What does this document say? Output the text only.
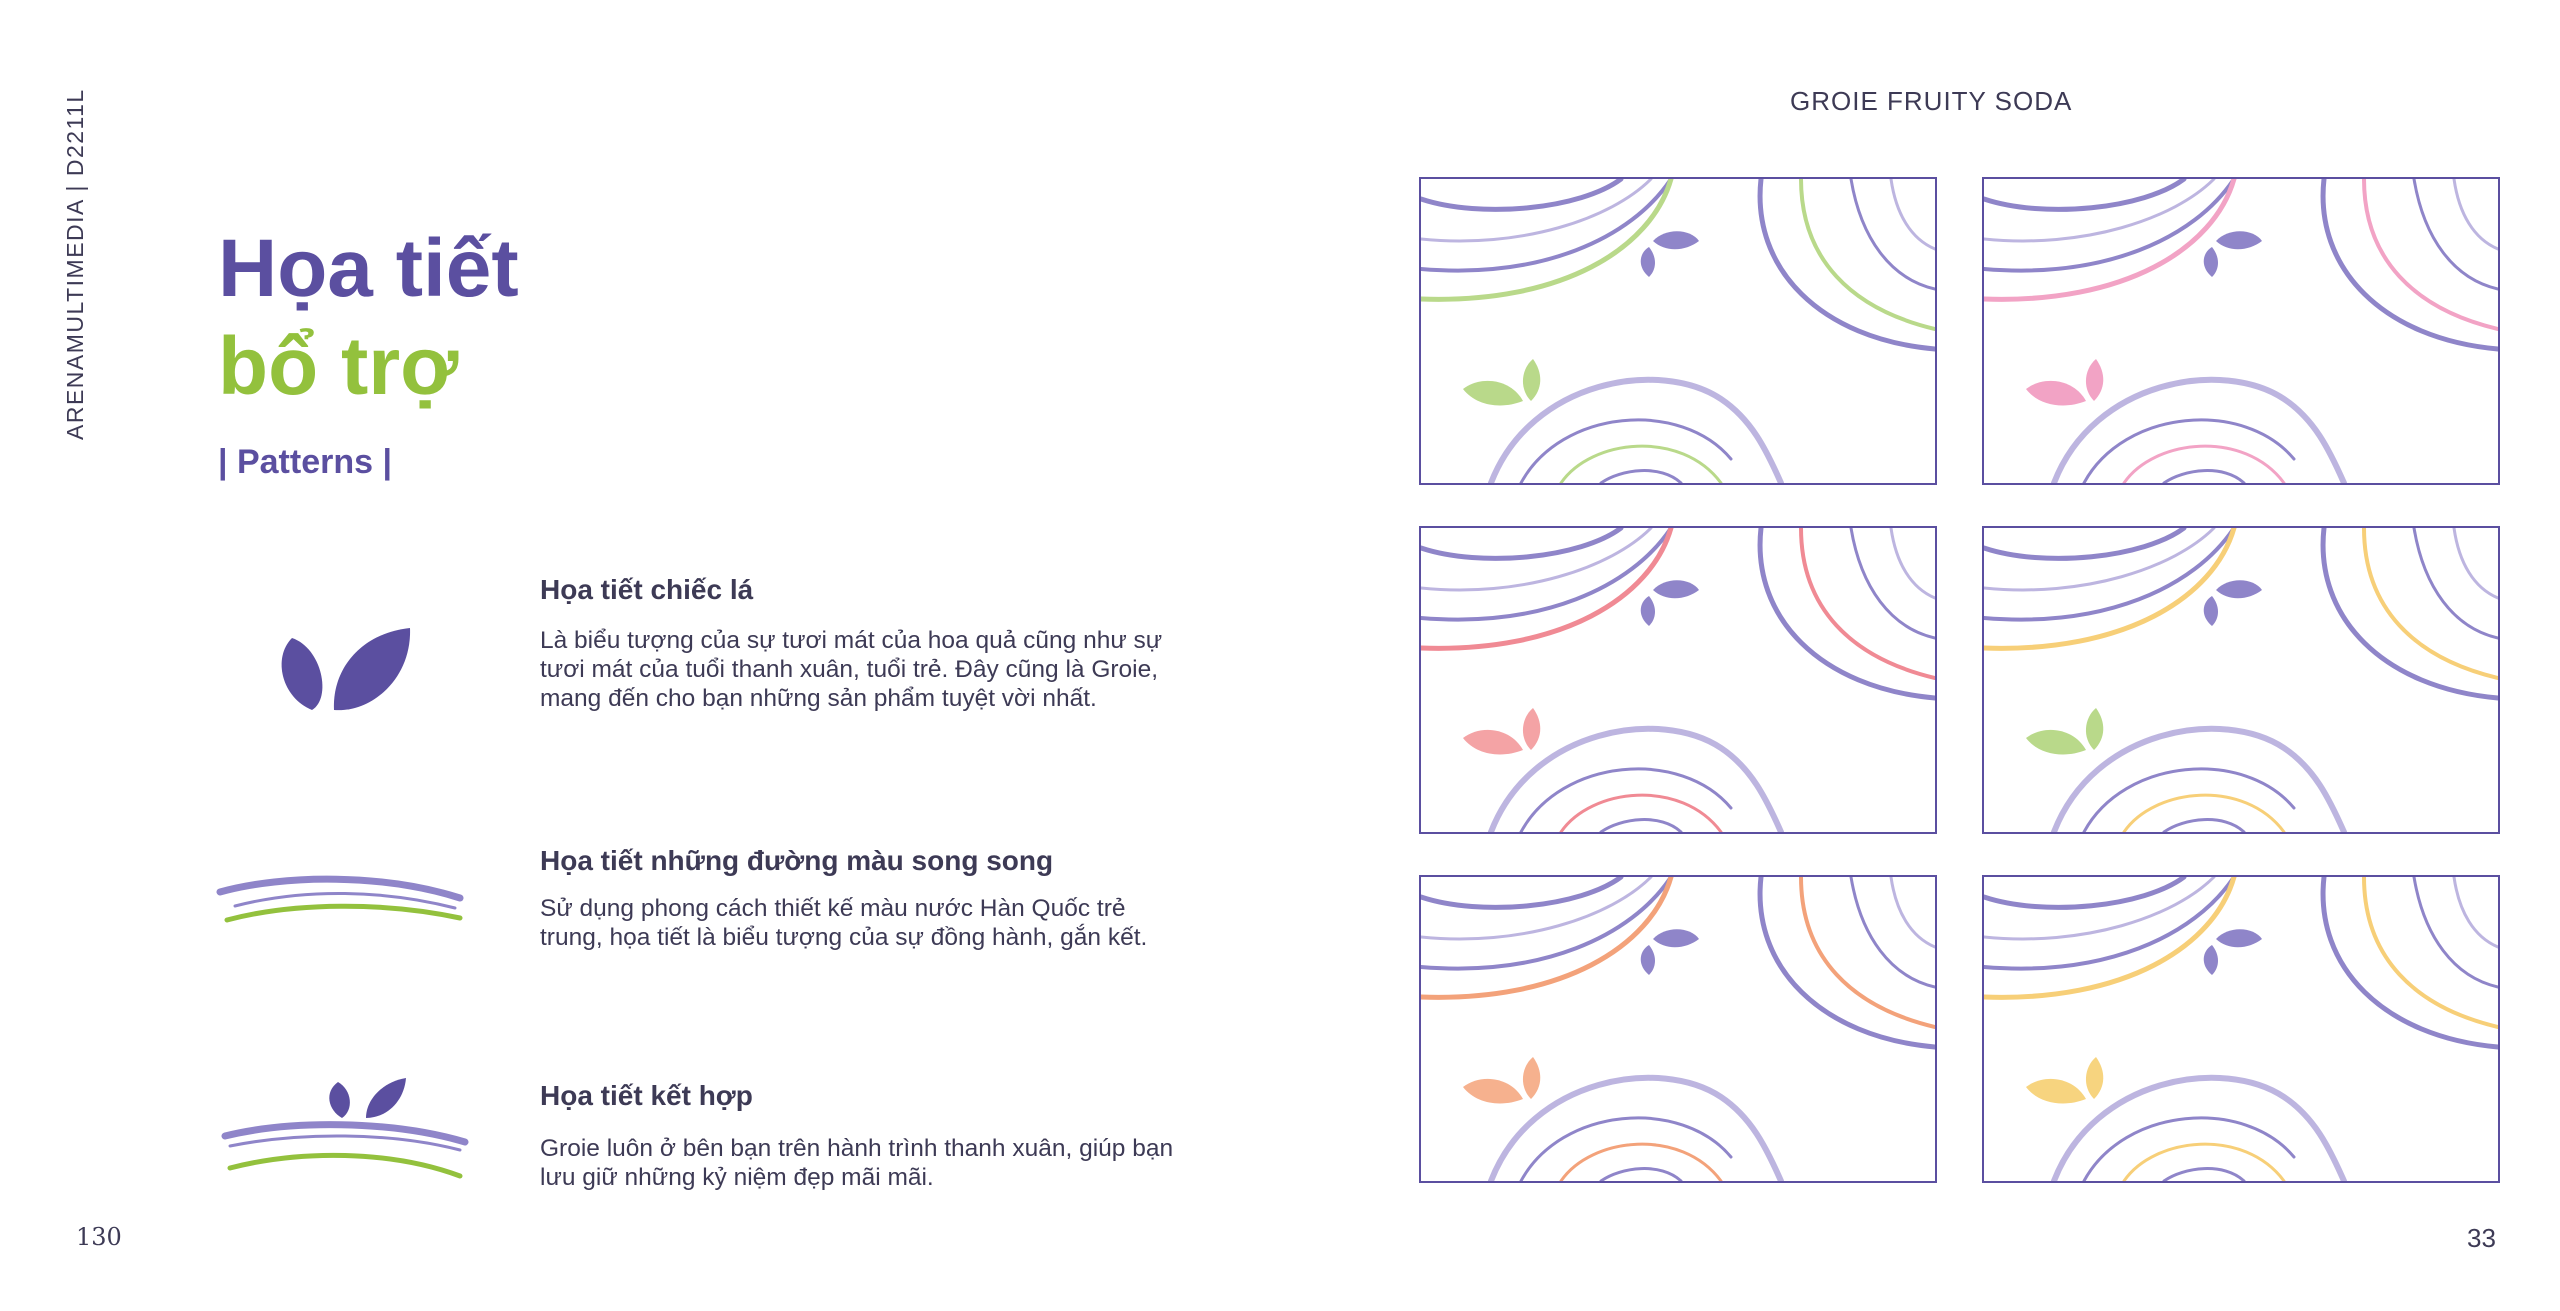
ARENAMULTIMEDIA | D2211L
130	33
Họa tiết
bổ trợ
| Patterns |
GROIE FRUITY SODA
Họa tiết chiếc lá

Là biểu tượng của sự tươi mát của hoa quả cũng như sự tươi mát của tuổi thanh xuân, tuổi trẻ. Đây cũng là Groie, mang đến cho bạn những sản phẩm tuyệt vời nhất.

Họa tiết những đường màu song song

Sử dụng phong cách thiết kế màu nước Hàn Quốc trẻ trung, họa tiết là biểu tượng của sự đồng hành, gắn kết.

Họa tiết kết hợp

Groie luôn ở bên bạn trên hành trình thanh xuân, giúp bạn lưu giữ những kỷ niệm đẹp mãi mãi.
